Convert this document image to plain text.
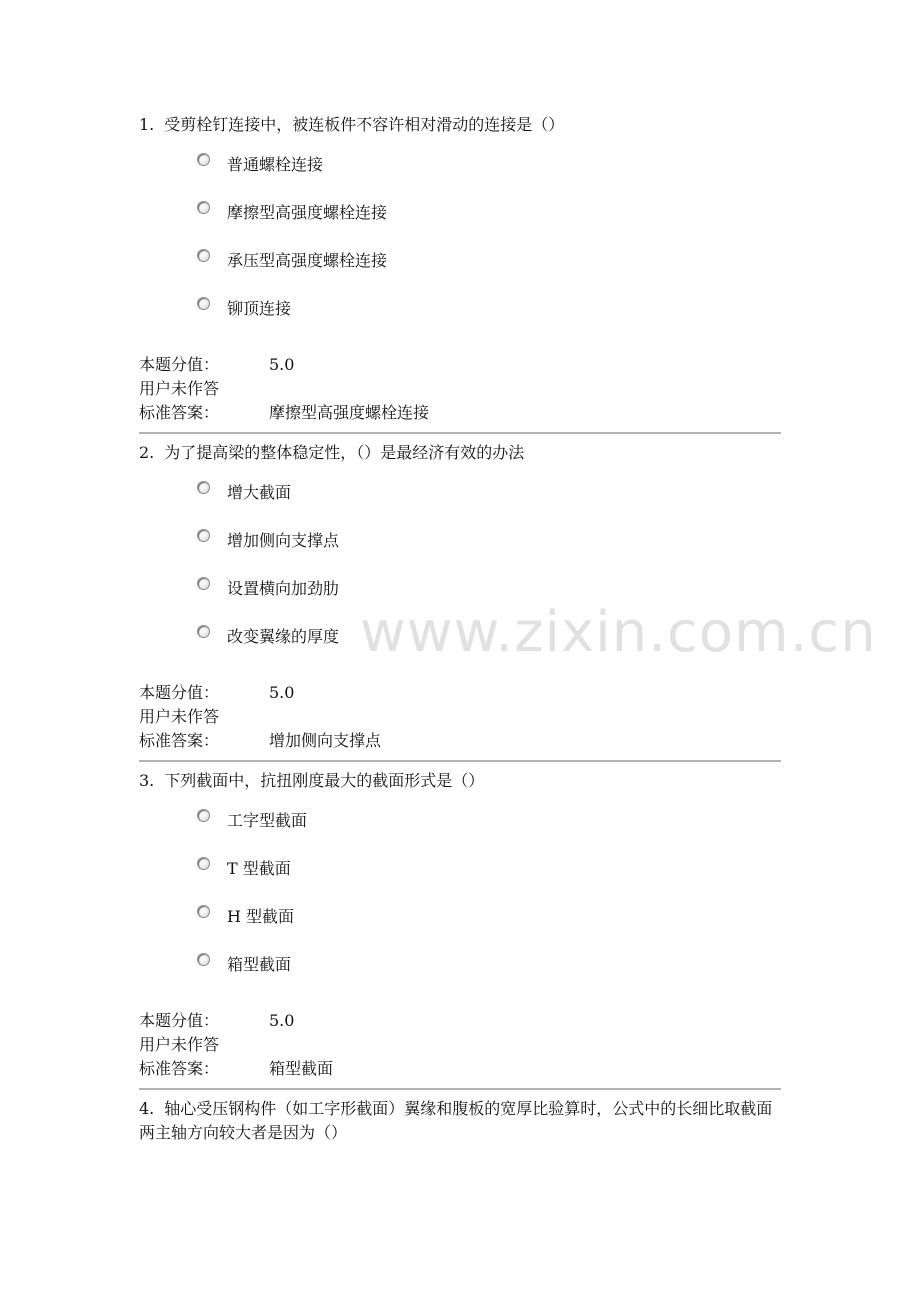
1. 受剪栓钉连接中，被连板件不容许相对滑动的连接是（）

普通螺栓连接
摩擦型高强度螺栓连接
承压型高强度螺栓连接
铆顶连接
本题分值：	5.0
用户未作答
标准答案：	摩擦型高强度螺栓连接

2. 为了提高梁的整体稳定性，（）是最经济有效的办法

增大截面
增加侧向支撑点
设置横向加劲肋
改变翼缘的厚度
本题分值：	5.0
用户未作答
标准答案：	增加侧向支撑点

3. 下列截面中，抗扭刚度最大的截面形式是（）

工字型截面
T 型截面
H 型截面
箱型截面
本题分值：	5.0
用户未作答
标准答案：	箱型截面

4. 轴心受压钢构件（如工字形截面）翼缘和腹板的宽厚比验算时，公式中的长细比取截面两主轴方向较大者是因为（）

www.zixin.com.cn
